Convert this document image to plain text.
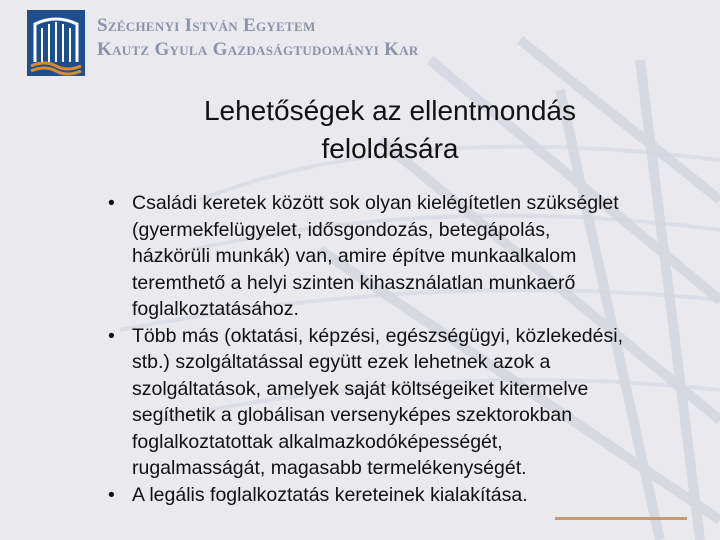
Széchenyi István Egyetem
Kautz Gyula Gazdaságtudományi Kar
Lehetőségek az ellentmondás
feloldására
• Családi keretek között sok olyan kielégítetlen szükséglet
(gyermekfelügyelet, idősgondozás, betegápolás,
házkörüli munkák) van, amire építve munkaalkalom
teremthető a helyi szinten kihasználatlan munkaerő
foglalkoztatásához.
• Több más (oktatási, képzési, egészségügyi, közlekedési,
stb.) szolgáltatással együtt ezek lehetnek azok a
szolgáltatások, amelyek saját költségeiket kitermelve
segíthetik a globálisan versenyképes szektorokban
foglalkoztatottak alkalmazkodóképességét,
rugalmasságát, magasabb termelékenységét.
• A legális foglalkoztatás kereteinek kialakítása.
